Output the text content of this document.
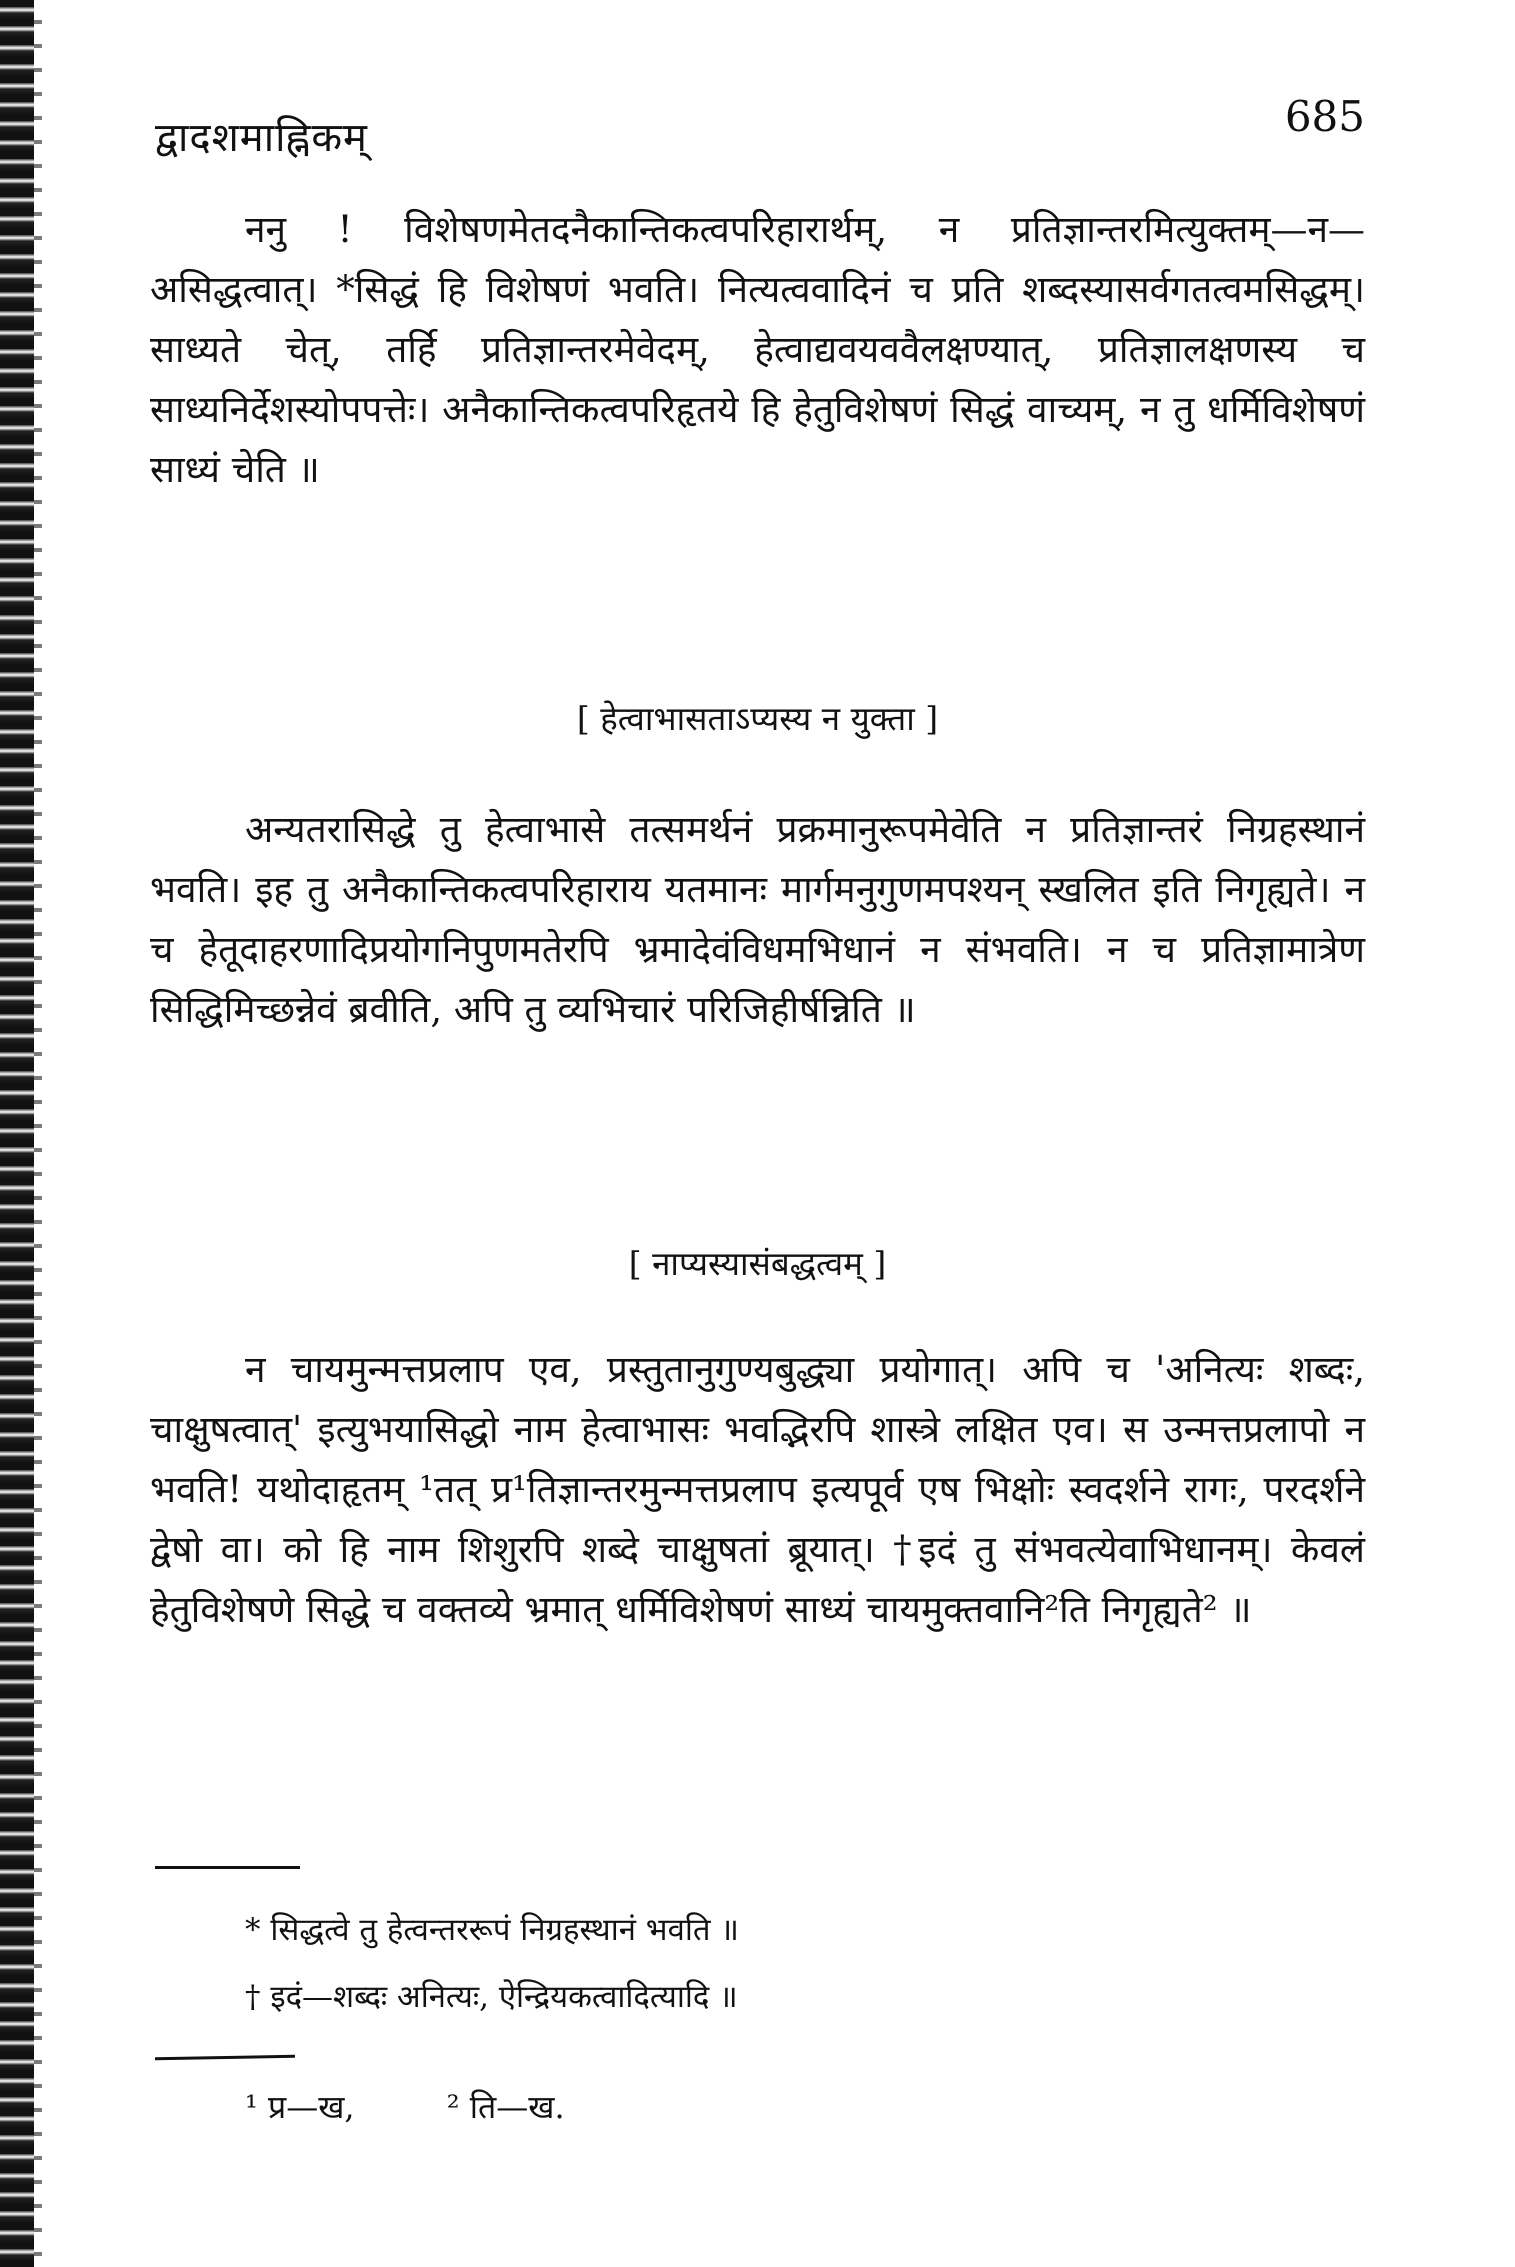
द्वादशमाह्निकम्	685

ननु ! विशेषणमेतदनैकान्तिकत्वपरिहारार्थम्, न प्रतिज्ञान्तरमित्युक्तम्—न—असिद्धत्वात्। *सिद्धं हि विशेषणं भवति। नित्यत्ववादिनं च प्रति शब्दस्यासर्वगतत्वमसिद्धम्। साध्यते चेत्, तर्हि प्रतिज्ञान्तरमेवेदम्, हेत्वाद्यवयववैलक्षण्यात्, प्रतिज्ञालक्षणस्य च साध्यनिर्देशस्योपपत्तेः। अनैकान्तिकत्वपरिहृतये हि हेतुविशेषणं सिद्धं वाच्यम्, न तु धर्मिविशेषणं साध्यं चेति ॥

[ हेत्वाभासताऽप्यस्य न युक्ता ]

अन्यतरासिद्धे तु हेत्वाभासे तत्समर्थनं प्रक्रमानुरूपमेवेति न प्रतिज्ञान्तरं निग्रहस्थानं भवति। इह तु अनैकान्तिकत्वपरिहाराय यतमानः मार्गमनुगुणमपश्यन् स्खलित इति निगृह्यते। न च हेतूदाहरणादिप्रयोगनिपुणमतेरपि भ्रमादेवंविधमभिधानं न संभवति। न च प्रतिज्ञामात्रेण सिद्धिमिच्छन्नेवं ब्रवीति, अपि तु व्यभिचारं परिजिहीर्षन्निति ॥

[ नाप्यस्यासंबद्धत्वम् ]

न चायमुन्मत्तप्रलाप एव, प्रस्तुतानुगुण्यबुद्ध्या प्रयोगात्। अपि च 'अनित्यः शब्दः, चाक्षुषत्वात्' इत्युभयासिद्धो नाम हेत्वाभासः भवद्भिरपि शास्त्रे लक्षित एव। स उन्मत्तप्रलापो न भवति! यथोदाहृतम् ¹तत् प्र¹तिज्ञान्तरमुन्मत्तप्रलाप इत्यपूर्व एष भिक्षोः स्वदर्शने रागः, परदर्शने द्वेषो वा। को हि नाम शिशुरपि शब्दे चाक्षुषतां ब्रूयात्। †इदं तु संभवत्येवाभिधानम्। केवलं हेतुविशेषणे सिद्धे च वक्तव्ये भ्रमात् धर्मिविशेषणं साध्यं चायमुक्तवानि²ति निगृह्यते² ॥

* सिद्धत्वे तु हेत्वन्तररूपं निग्रहस्थानं भवति ॥

† इदं—शब्दः अनित्यः, ऐन्द्रियकत्वादित्यादि ॥

¹ प्र—ख,	² ति—ख.
